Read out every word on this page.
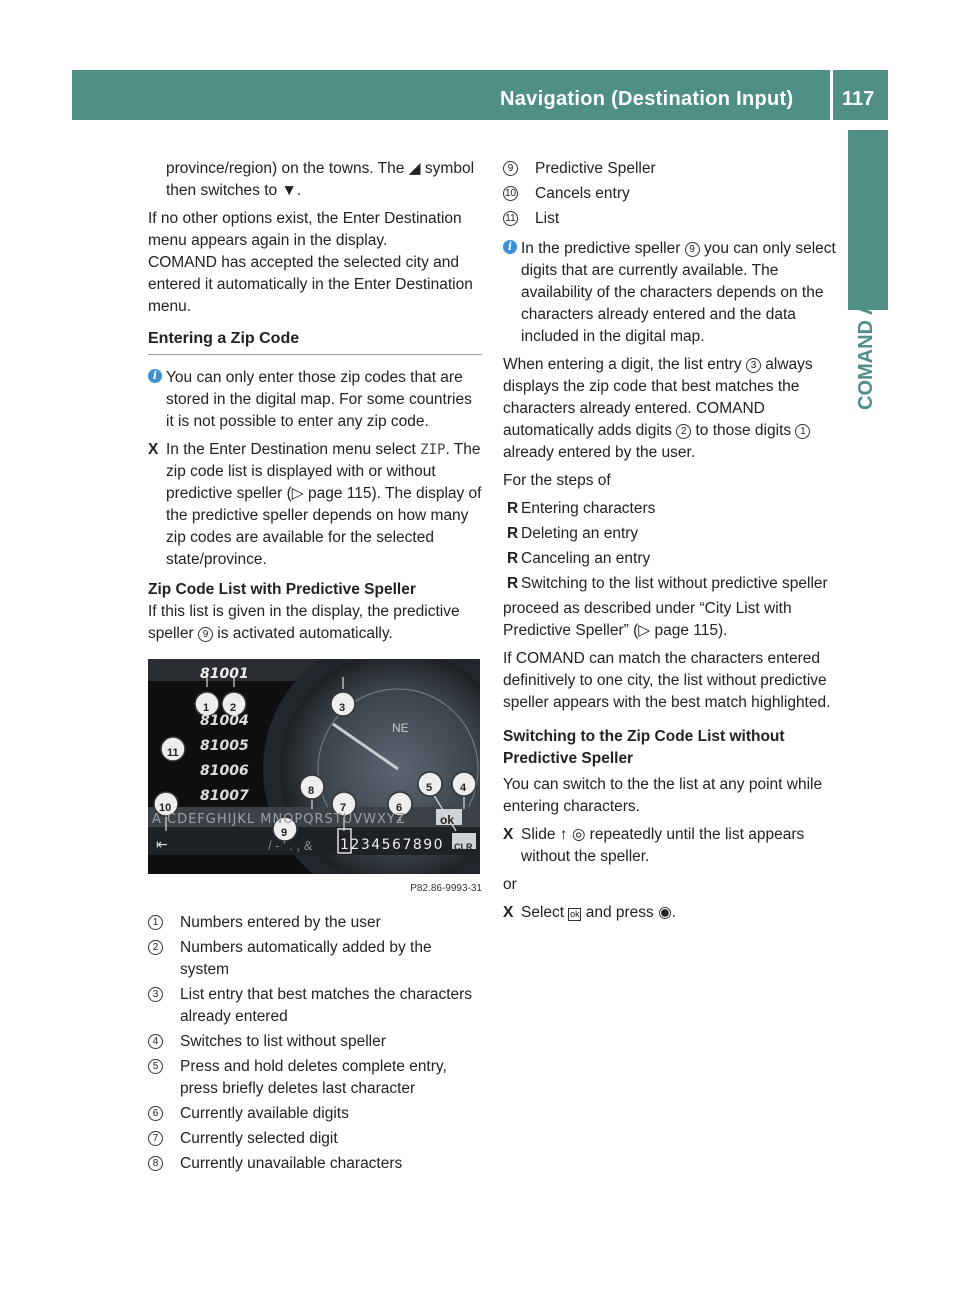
Navigation (Destination Input) 117
COMAND APS

province/region) on the towns. The ◢ symbol then switches to ▼.

If no other options exist, the Enter Destination menu appears again in the display.

COMAND has accepted the selected city and entered it automatically in the Enter Destination menu.

Entering a Zip Code
i You can only enter those zip codes that are stored in the digital map. For some countries it is not possible to enter any zip code.
X In the Enter Destination menu select ZIP. The zip code list is displayed with or without predictive speller (▷ page 115). The display of the predictive speller depends on how many zip codes are available for the selected state/province.
Zip Code List with Predictive Speller

If this list is given in the display, the predictive speller 9 is activated automatically.

81001
81004
81005
81006
81007
NE
A CDEFGHIJKL MNOPQRSTUVWXYZ	ok
⇤	/ - ' . , & 1234567890 CLR
1 2	3
4
5
6
7
8
9
10
11
P82.86-9993-31
1	Numbers entered by the user
2	Numbers automatically added by the system
3	List entry that best matches the characters already entered
4	Switches to list without speller
5	Press and hold deletes complete entry, press briefly deletes last character
6	Currently available digits
7	Currently selected digit
8	Currently unavailable characters
9	Predictive Speller
10 Cancels entry
11 List
i In the predictive speller 9 you can only select digits that are currently available. The availability of the characters depends on the characters already entered and the data included in the digital map.

When entering a digit, the list entry 3 always displays the zip code that best matches the characters already entered. COMAND automatically adds digits 2 to those digits 1 already entered by the user.

For the steps of

R Entering characters
R Deleting an entry
R Canceling an entry
R Switching to the list without predictive speller

proceed as described under “City List with Predictive Speller” (▷ page 115).

If COMAND can match the characters entered definitively to one city, the list without predictive speller appears with the best match highlighted.

Switching to the Zip Code List without Predictive Speller

You can switch to the the list at any point while entering characters.

X Slide ↑ ◎ repeatedly until the list appears without the speller.

or

X Select ok and press ◉.
